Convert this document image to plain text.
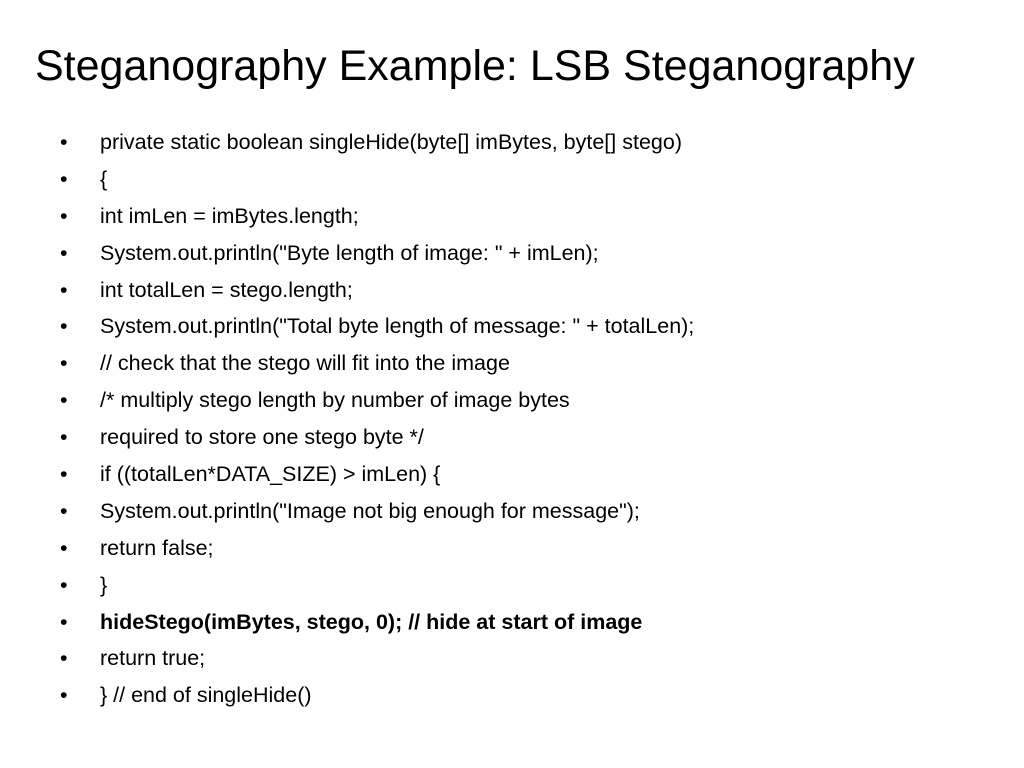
Steganography Example: LSB Steganography
• private static boolean singleHide(byte[] imBytes, byte[] stego)
• {
• int imLen = imBytes.length;
• System.out.println("Byte length of image: " + imLen);
• int totalLen = stego.length;
• System.out.println("Total byte length of message: " + totalLen);
• // check that the stego will fit into the image
• /* multiply stego length by number of image bytes
• required to store one stego byte */
• if ((totalLen*DATA_SIZE) > imLen) {
• System.out.println("Image not big enough for message");
• return false;
• }
• hideStego(imBytes, stego, 0); // hide at start of image
• return true;
• } // end of singleHide()
